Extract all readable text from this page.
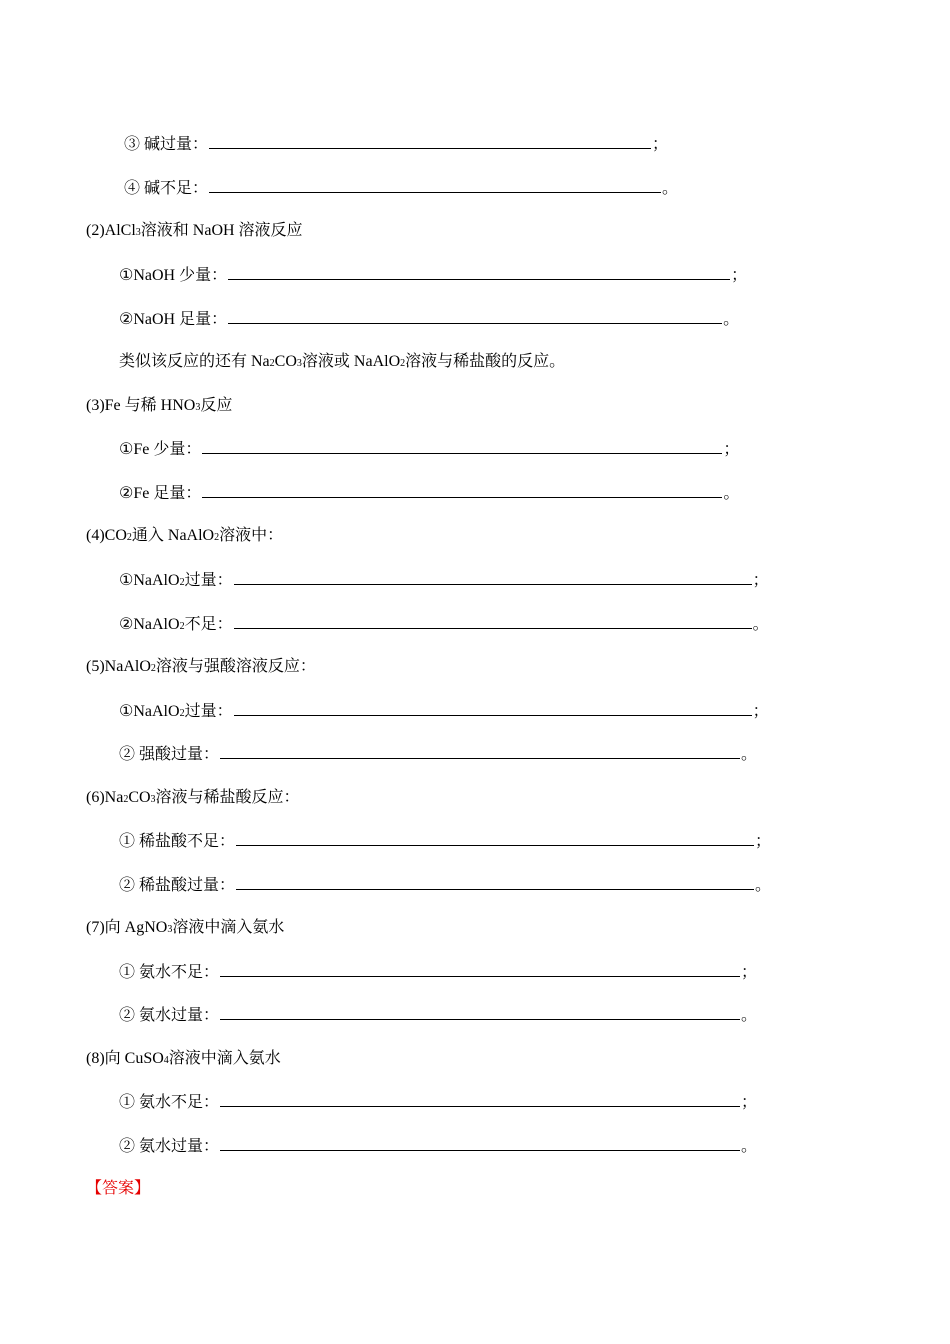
③ 碱过量：	；
④ 碱不足：	。
(2)AlCl 3 溶液和 NaOH 溶液反应
①NaOH 少量：	；
②NaOH 足量：	。
类似该反应的还有 Na 2 CO 3 溶液或 NaAlO 2 溶液与稀盐酸的反应。
(3)Fe 与稀 HNO 3 反应
①Fe 少量：	；
②Fe 足量：	。
(4)CO 2 通入 NaAlO 2 溶液中：
①NaAlO 2 过量：	；
②NaAlO 2 不足：	。
(5)NaAlO 2 溶液与强酸溶液反应：
①NaAlO 2 过量：	；
② 强酸过量：	。
(6)Na 2 CO 3 溶液与稀盐酸反应：
① 稀盐酸不足：	；
② 稀盐酸过量：	。
(7)向 AgNO 3 溶液中滴入氨水
① 氨水不足：	；
② 氨水过量：	。
(8)向 CuSO 4 溶液中滴入氨水
① 氨水不足：	；
② 氨水过量：	。
【答案】
